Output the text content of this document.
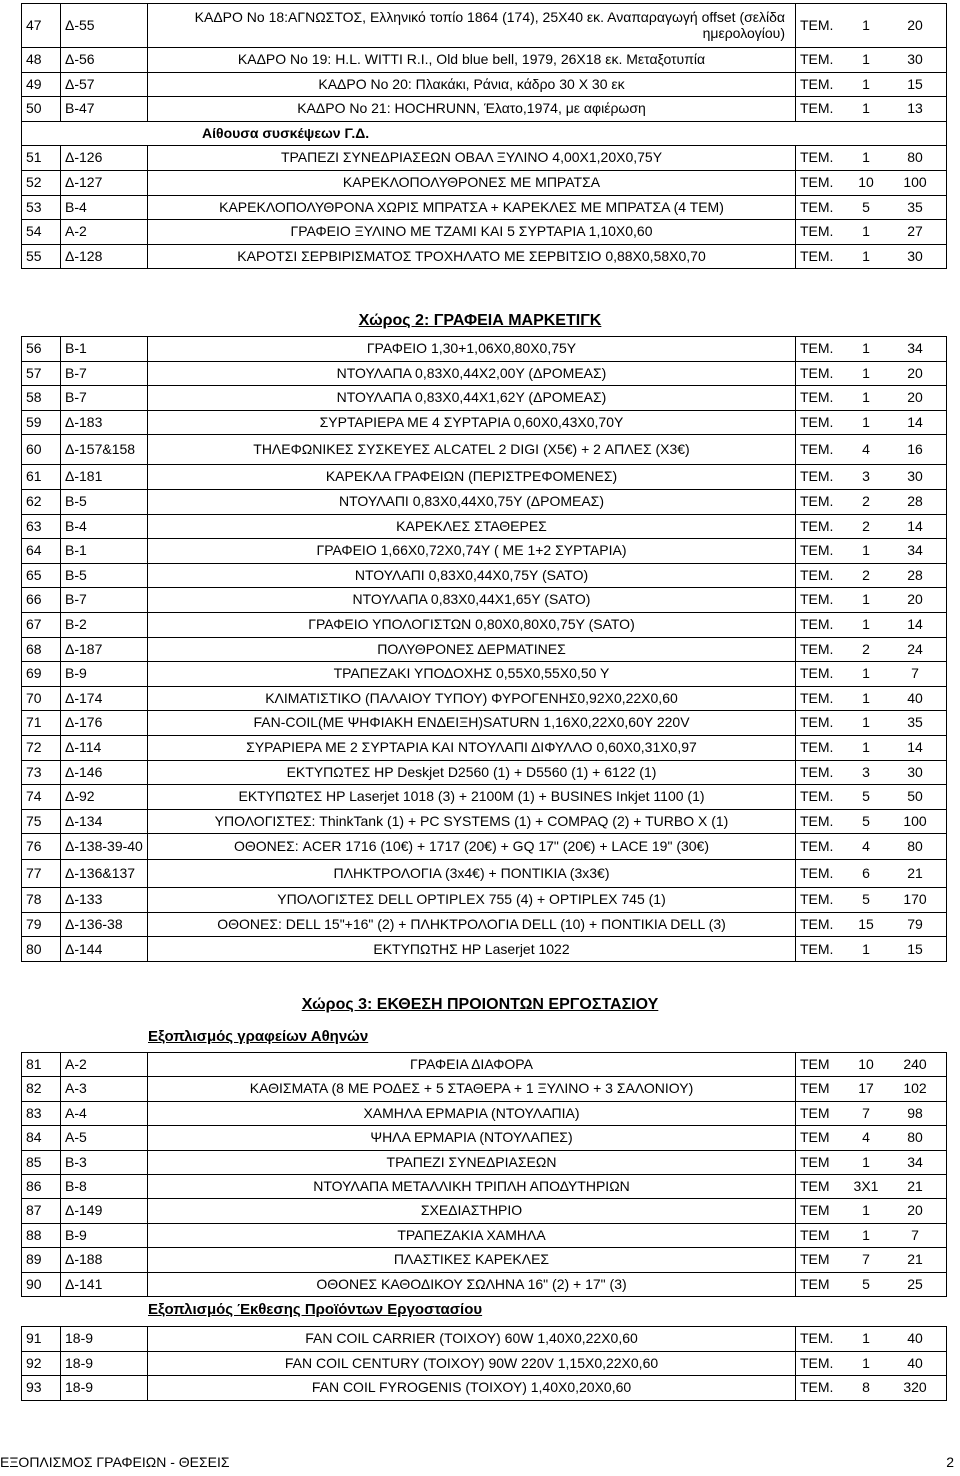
47	Δ-55	ΚΑΔΡΟ Νο 18:ΑΓΝΩΣΤΟΣ, Ελληνικό τοπίο 1864 (174), 25Χ40 εκ. Αναπαραγωγή offset (σελίδα ημερολογίου)	ΤΕΜ.	1	20
48	Δ-56	ΚΑΔΡΟ Νο 19: H.L. WITTI R.I., Old blue bell, 1979, 26Χ18 εκ. Μεταξοτυπία	ΤΕΜ.	1	30
49	Δ-57	ΚΑΔΡΟ Νο 20: Πλακάκι, Ράνια, κάδρο 30 Χ 30 εκ	ΤΕΜ.	1	15
50	Β-47	ΚΑΔΡΟ Νο 21: HOCHRUNN, Έλατο,1974, με αφιέρωση	ΤΕΜ.	1	13
Αίθουσα συσκέψεων Γ.Δ.					
51	Δ-126	ΤΡΑΠΕΖΙ ΣΥΝΕΔΡΙΑΣΕΩΝ ΟΒΑΛ ΞΥΛΙΝΟ 4,00Χ1,20Χ0,75Υ	ΤΕΜ.	1	80
52	Δ-127	ΚΑΡΕΚΛΟΠΟΛΥΘΡΟΝΕΣ ΜΕ ΜΠΡΑΤΣΑ	ΤΕΜ.	10	100
53	Β-4	ΚΑΡΕΚΛΟΠΟΛΥΘΡΟΝΑ ΧΩΡΙΣ ΜΠΡΑΤΣΑ + ΚΑΡΕΚΛΕΣ ΜΕ ΜΠΡΑΤΣΑ (4 ΤΕΜ)	ΤΕΜ.	5	35
54	Α-2	ΓΡΑΦΕΙΟ ΞΥΛΙΝΟ ΜΕ ΤΖΑΜΙ ΚΑΙ 5 ΣΥΡΤΑΡΙΑ 1,10Χ0,60	ΤΕΜ.	1	27
55	Δ-128	ΚΑΡΟΤΣΙ ΣΕΡΒΙΡΙΣΜΑΤΟΣ ΤΡΟΧΗΛΑΤΟ ΜΕ ΣΕΡΒΙΤΣΙΟ 0,88Χ0,58Χ0,70	ΤΕΜ.	1	30
Χώρος 2: ΓΡΑΦΕΙΑ ΜΑΡΚΕΤΙΓΚ
56	Β-1	ΓΡΑΦΕΙΟ 1,30+1,06Χ0,80Χ0,75Υ	ΤΕΜ.	1	34
57	Β-7	ΝΤΟΥΛΑΠΑ 0,83Χ0,44Χ2,00Υ (ΔΡΟΜΕΑΣ)	ΤΕΜ.	1	20
58	Β-7	ΝΤΟΥΛΑΠΑ 0,83Χ0,44Χ1,62Υ (ΔΡΟΜΕΑΣ)	ΤΕΜ.	1	20
59	Δ-183	ΣΥΡΤΑΡΙΕΡΑ ΜΕ 4 ΣΥΡΤΑΡΙΑ 0,60Χ0,43Χ0,70Υ	ΤΕΜ.	1	14
60	Δ-157&158	ΤΗΛΕΦΩΝΙΚΕΣ ΣΥΣΚΕΥΕΣ ALCATEL 2 DIGI (Χ5€) + 2 ΑΠΛΕΣ (Χ3€)	ΤΕΜ.	4	16
61	Δ-181	ΚΑΡΕΚΛΑ ΓΡΑΦΕΙΩΝ (ΠΕΡΙΣΤΡΕΦΟΜΕΝΕΣ)	ΤΕΜ.	3	30
62	Β-5	ΝΤΟΥΛΑΠΙ 0,83Χ0,44Χ0,75Υ (ΔΡΟΜΕΑΣ)	ΤΕΜ.	2	28
63	Β-4	ΚΑΡΕΚΛΕΣ ΣΤΑΘΕΡΕΣ	ΤΕΜ.	2	14
64	Β-1	ΓΡΑΦΕΙΟ 1,66Χ0,72Χ0,74Υ ( ΜΕ 1+2 ΣΥΡΤΑΡΙΑ)	ΤΕΜ.	1	34
65	Β-5	ΝΤΟΥΛΑΠΙ 0,83Χ0,44Χ0,75Υ (SATO)	ΤΕΜ.	2	28
66	Β-7	ΝΤΟΥΛΑΠΑ 0,83Χ0,44Χ1,65Υ (SATO)	ΤΕΜ.	1	20
67	Β-2	ΓΡΑΦΕΙΟ ΥΠΟΛΟΓΙΣΤΩΝ 0,80Χ0,80Χ0,75Υ (SATO)	ΤΕΜ.	1	14
68	Δ-187	ΠΟΛΥΘΡΟΝΕΣ ΔΕΡΜΑΤΙΝΕΣ	ΤΕΜ.	2	24
69	Β-9	ΤΡΑΠΕΖΑΚΙ ΥΠΟΔΟΧΗΣ 0,55Χ0,55Χ0,50 Υ	ΤΕΜ.	1	7
70	Δ-174	ΚΛΙΜΑΤΙΣΤΙΚΟ (ΠΑΛΑΙΟΥ ΤΥΠΟΥ) ΦΥΡΟΓΕΝΗΣ0,92Χ0,22Χ0,60	ΤΕΜ.	1	40
71	Δ-176	FAN-COIL(ΜΕ ΨΗΦΙΑΚΗ ΕΝΔΕΙΞΗ)SATURN 1,16Χ0,22Χ0,60Υ 220V	ΤΕΜ.	1	35
72	Δ-114	ΣΥΡΑΡΙΕΡΑ ΜΕ 2 ΣΥΡΤΑΡΙΑ ΚΑΙ ΝΤΟΥΛΑΠΙ ΔΙΦΥΛΛΟ 0,60Χ0,31Χ0,97	ΤΕΜ.	1	14
73	Δ-146	ΕΚΤΥΠΩΤΕΣ HP Deskjet D2560 (1) + D5560 (1) + 6122 (1)	ΤΕΜ.	3	30
74	Δ-92	ΕΚΤΥΠΩΤΕΣ HP Laserjet 1018 (3) + 2100M (1) + BUSINES Inkjet 1100 (1)	ΤΕΜ.	5	50
75	Δ-134	ΥΠΟΛΟΓΙΣΤΕΣ: ThinkTank (1) + PC SYSTEMS (1) + COMPAQ (2) + TURBO X (1)	ΤΕΜ.	5	100
76	Δ-138-39-40	ΟΘΟΝΕΣ: ACER 1716 (10€) + 1717 (20€) + GQ 17" (20€) + LACE 19" (30€)	ΤΕΜ.	4	80
77	Δ-136&137	ΠΛΗΚΤΡΟΛΟΓΙΑ (3x4€) + ΠΟΝΤΙΚΙΑ (3x3€)	ΤΕΜ.	6	21
78	Δ-133	ΥΠΟΛΟΓΙΣΤΕΣ DELL OPTIPLEX 755 (4) + OPTIPLEX 745 (1)	ΤΕΜ.	5	170
79	Δ-136-38	ΟΘΟΝΕΣ: DELL 15"+16" (2) + ΠΛΗΚΤΡΟΛΟΓΙΑ DELL (10) + ΠΟΝΤΙΚΙΑ DELL (3)	ΤΕΜ.	15	79
80	Δ-144	ΕΚΤΥΠΩΤΗΣ HP Laserjet 1022	ΤΕΜ.	1	15
Χώρος 3: ΕΚΘΕΣΗ ΠΡΟΙΟΝΤΩΝ ΕΡΓΟΣΤΑΣΙΟΥ
Εξοπλισμός γραφείων Αθηνών
81	Α-2	ΓΡΑΦΕΙΑ ΔΙΑΦΟΡΑ	ΤΕΜ	10	240
82	Α-3	ΚΑΘΙΣΜΑΤΑ (8 ΜΕ ΡΟΔΕΣ + 5 ΣΤΑΘΕΡΑ + 1 ΞΥΛΙΝΟ + 3 ΣΑΛΟΝΙΟΥ)	ΤΕΜ	17	102
83	Α-4	ΧΑΜΗΛΑ ΕΡΜΑΡΙΑ (ΝΤΟΥΛΑΠΙΑ)	ΤΕΜ	7	98
84	Α-5	ΨΗΛΑ ΕΡΜΑΡΙΑ (ΝΤΟΥΛΑΠΕΣ)	ΤΕΜ	4	80
85	Β-3	ΤΡΑΠΕΖΙ ΣΥΝΕΔΡΙΑΣΕΩΝ	ΤΕΜ	1	34
86	Β-8	ΝΤΟΥΛΑΠΑ ΜΕΤΑΛΛΙΚΗ ΤΡΙΠΛΗ ΑΠΟΔΥΤΗΡΙΩΝ	ΤΕΜ	3Χ1	21
87	Δ-149	ΣΧΕΔΙΑΣΤΗΡΙΟ	ΤΕΜ	1	20
88	Β-9	ΤΡΑΠΕΖΑΚΙΑ ΧΑΜΗΛΑ	ΤΕΜ	1	7
89	Δ-188	ΠΛΑΣΤΙΚΕΣ ΚΑΡΕΚΛΕΣ	ΤΕΜ	7	21
90	Δ-141	ΟΘΟΝΕΣ ΚΑΘΟΔΙΚΟΥ ΣΩΛΗΝΑ 16" (2) + 17" (3)	ΤΕΜ	5	25
Εξοπλισμός Έκθεσης Προϊόντων Εργοστασίου
91	18-9	FAN COIL CARRIER (ΤΟΙΧΟΥ) 60W 1,40Χ0,22Χ0,60	ΤΕΜ.	1	40
92	18-9	FAN COIL CENTURY (ΤΟΙΧΟΥ) 90W 220V 1,15Χ0,22Χ0,60	ΤΕΜ.	1	40
93	18-9	FAN COIL FYROGENIS (ΤΟΙΧΟΥ) 1,40Χ0,20Χ0,60	ΤΕΜ.	8	320
ΕΞΟΠΛΙΣΜΟΣ ΓΡΑΦΕΙΩΝ - ΘΕΣΕΙΣ	2
